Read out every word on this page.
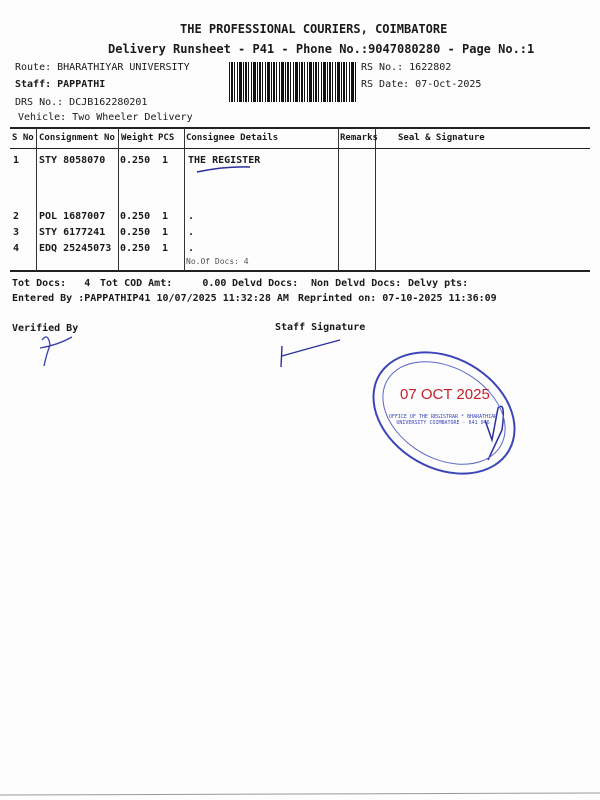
THE PROFESSIONAL COURIERS, COIMBATORE
Delivery Runsheet - P41 - Phone No.:9047080280 - Page No.:1
Route: BHARATHIYAR UNIVERSITY
Staff: PAPPATHI
DRS No.: DCJB162280201
Vehicle: Two Wheeler Delivery
RS No.: 1622802
RS Date: 07-Oct-2025
S No Consignment No Weight PCS Consignee Details	Remarks Seal & Signature
1 STY 8058070 0.250 1 THE REGISTER
2 POL 1687007 0.250 1 .
3 STY 6177241 0.250 1 .
4 EDQ 25245073 0.250 1 .
No.Of Docs: 4
Tot Docs:   4 Tot COD Amt:     0.00 Delvd Docs: Non Delvd Docs: Delvy pts:
Entered By :PAPPATHIP41 10/07/2025 11:32:28 AM Reprinted on: 07-10-2025 11:36:09
Verified By	Staff Signature
07 OCT 2025
OFFICE OF THE REGISTRAR * BHARATHIAR UNIVERSITY COIMBATORE - 641 046
